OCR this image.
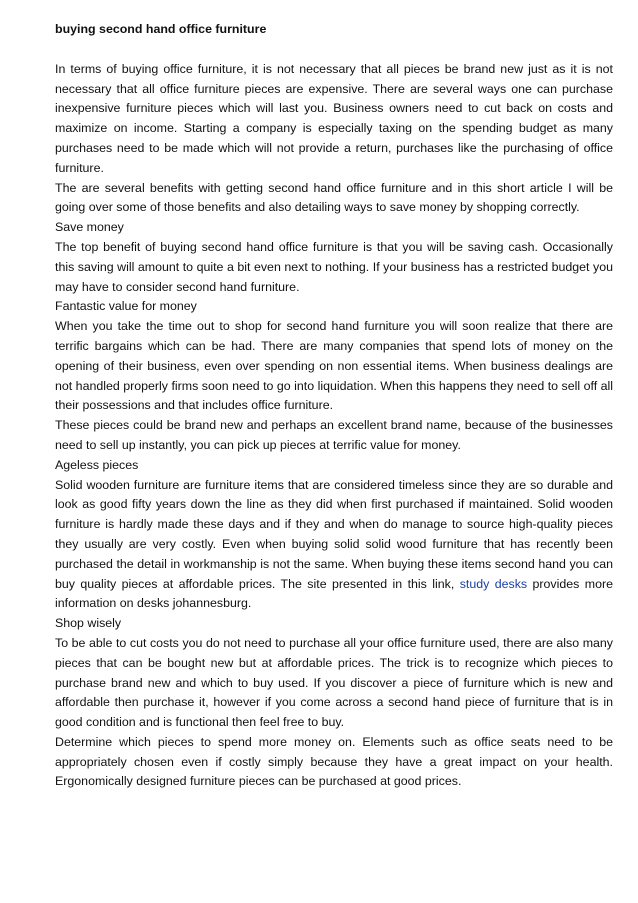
buying second hand office furniture

In terms of buying office furniture, it is not necessary that all pieces be brand new just as it is not necessary that all office furniture pieces are expensive. There are several ways one can purchase inexpensive furniture pieces which will last you. Business owners need to cut back on costs and maximize on income. Starting a company is especially taxing on the spending budget as many purchases need to be made which will not provide a return, purchases like the purchasing of office furniture.

The are several benefits with getting second hand office furniture and in this short article I will be going over some of those benefits and also detailing ways to save money by shopping correctly.

Save money

The top benefit of buying second hand office furniture is that you will be saving cash. Occasionally this saving will amount to quite a bit even next to nothing. If your business has a restricted budget you may have to consider second hand furniture.

Fantastic value for money

When you take the time out to shop for second hand furniture you will soon realize that there are terrific bargains which can be had. There are many companies that spend lots of money on the opening of their business, even over spending on non essential items. When business dealings are not handled properly firms soon need to go into liquidation. When this happens they need to sell off all their possessions and that includes office furniture.

These pieces could be brand new and perhaps an excellent brand name, because of the businesses need to sell up instantly, you can pick up pieces at terrific value for money.

Ageless pieces

Solid wooden furniture are furniture items that are considered timeless since they are so durable and look as good fifty years down the line as they did when first purchased if maintained. Solid wooden furniture is hardly made these days and if they and when do manage to source high-quality pieces they usually are very costly. Even when buying solid solid wood furniture that has recently been purchased the detail in workmanship is not the same. When buying these items second hand you can buy quality pieces at affordable prices. The site presented in this link, study desks provides more information on desks johannesburg.

Shop wisely

To be able to cut costs you do not need to purchase all your office furniture used, there are also many pieces that can be bought new but at affordable prices. The trick is to recognize which pieces to purchase brand new and which to buy used. If you discover a piece of furniture which is new and affordable then purchase it, however if you come across a second hand piece of furniture that is in good condition and is functional then feel free to buy.

Determine which pieces to spend more money on. Elements such as office seats need to be appropriately chosen even if costly simply because they have a great impact on your health. Ergonomically designed furniture pieces can be purchased at good prices.
